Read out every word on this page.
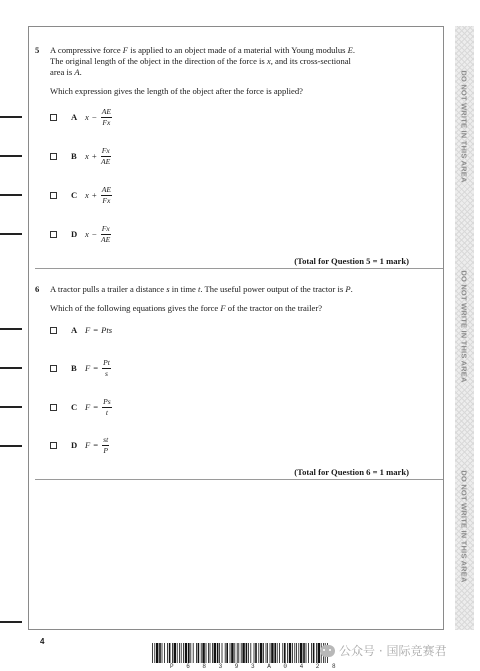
DO NOT WRITE IN THIS AREA
DO NOT WRITE IN THIS AREA
DO NOT WRITE IN THIS AREA
5 A compressive force F is applied to an object made of a material with Young modulus E.
The original length of the object in the direction of the force is x, and its cross-sectional
area is A.
Which expression gives the length of the object after the force is applied?
A $x - \frac{AE}{Fx}$
B $x + \frac{Fx}{AE}$
C $x + \frac{AE}{Fx}$
D $x - \frac{Fx}{AE}$
(Total for Question 5 = 1 mark)
6 A tractor pulls a trailer a distance s in time t. The useful power output of the tractor is P.
Which of the following equations gives the force F of the tractor on the trailer?
A F = Pts
B $F = \frac{Pt}{s}$
C $F = \frac{Ps}{t}$
D $F = \frac{st}{P}$
(Total for Question 6 = 1 mark)
4
P 6 8 3 9 3 A 0 4 2 8
公众号 · 国际竞赛君
